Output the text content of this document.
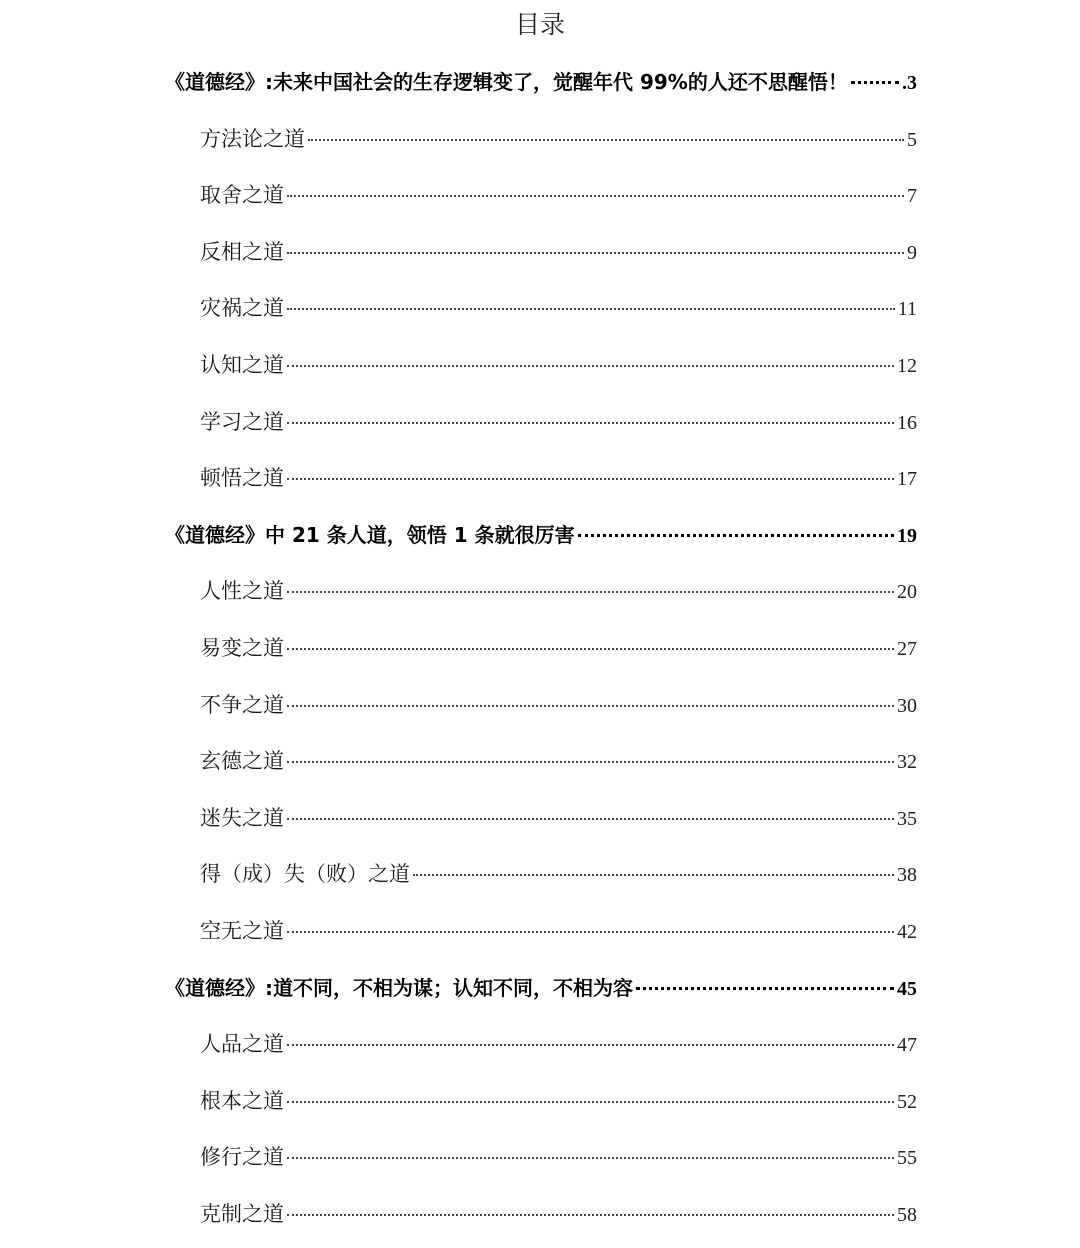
目录
《道德经》:未来中国社会的生存逻辑变了，觉醒年代 99%的人还不思醒悟！	.3
方法论之道	5
取舍之道	7
反相之道	9
灾祸之道	11
认知之道	12
学习之道	16
顿悟之道	17
《道德经》中 21 条人道，领悟 1 条就很厉害	19
人性之道	20
易变之道	27
不争之道	30
玄德之道	32
迷失之道	35
得（成）失（败）之道	38
空无之道	42
《道德经》:道不同，不相为谋；认知不同，不相为容	45
人品之道	47
根本之道	52
修行之道	55
克制之道	58
